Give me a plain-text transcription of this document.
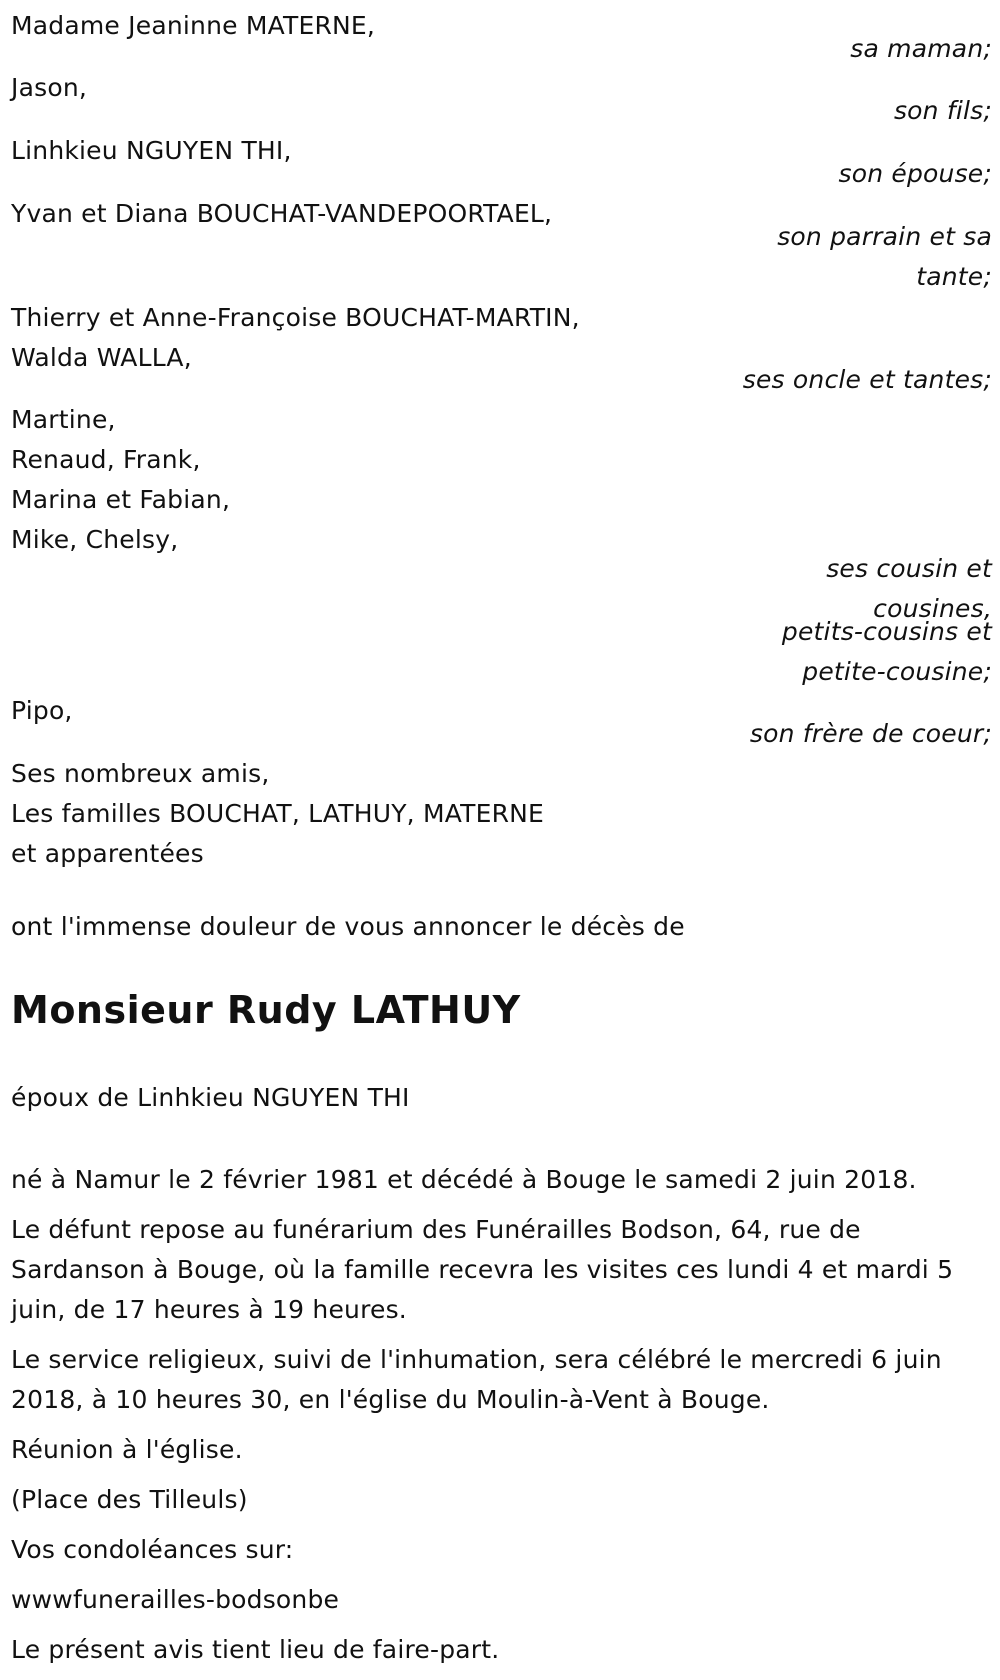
Madame Jeaninne MATERNE,
sa maman;
Jason,
son fils;
Linhkieu NGUYEN THI,
son épouse;
Yvan et Diana BOUCHAT-VANDEPOORTAEL,
son parrain et sa tante;
Thierry et Anne-Françoise BOUCHAT-MARTIN,
Walda WALLA,
ses oncle et tantes;
Martine,
Renaud, Frank,
Marina et Fabian,
Mike, Chelsy,
ses cousin et cousines,
petits-cousins et petite-cousine;
Pipo,
son frère de coeur;
Ses nombreux amis,
Les familles BOUCHAT, LATHUY, MATERNE
et apparentées
ont l'immense douleur de vous annoncer le décès de
Monsieur Rudy LATHUY
époux de Linhkieu NGUYEN THI

né à Namur le 2 février 1981 et décédé à Bouge le samedi 2 juin 2018.

Le défunt repose au funérarium des Funérailles Bodson, 64, rue de Sardanson à Bouge, où la famille recevra les visites ces lundi 4 et mardi 5 juin, de 17 heures à 19 heures.

Le service religieux, suivi de l'inhumation, sera célébré le mercredi 6 juin 2018, à 10 heures 30, en l'église du Moulin-à-Vent à Bouge.

Réunion à l'église.

(Place des Tilleuls)

Vos condoléances sur:

wwwfunerailles-bodsonbe

Le présent avis tient lieu de faire-part.
